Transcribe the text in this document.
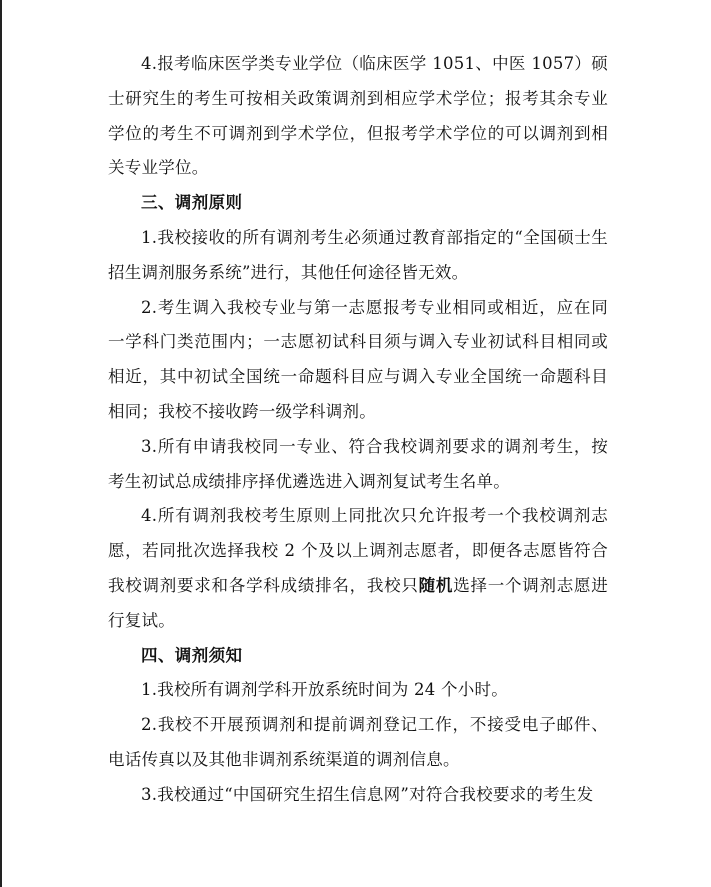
4.报考临床医学类专业学位（临床医学 1051、中医 1057）硕士研究生的考生可按相关政策调剂到相应学术学位；报考其余专业学位的考生不可调剂到学术学位，但报考学术学位的可以调剂到相关专业学位。

三、调剂原则

1.我校接收的所有调剂考生必须通过教育部指定的“全国硕士生招生调剂服务系统”进行，其他任何途径皆无效。

2.考生调入我校专业与第一志愿报考专业相同或相近，应在同一学科门类范围内；一志愿初试科目须与调入专业初试科目相同或相近，其中初试全国统一命题科目应与调入专业全国统一命题科目相同；我校不接收跨一级学科调剂。

3.所有申请我校同一专业、符合我校调剂要求的调剂考生，按考生初试总成绩排序择优遴选进入调剂复试考生名单。

4.所有调剂我校考生原则上同批次只允许报考一个我校调剂志愿，若同批次选择我校 2 个及以上调剂志愿者，即便各志愿皆符合我校调剂要求和各学科成绩排名，我校只随机选择一个调剂志愿进行复试。

四、调剂须知

1.我校所有调剂学科开放系统时间为 24 个小时。

2.我校不开展预调剂和提前调剂登记工作，不接受电子邮件、电话传真以及其他非调剂系统渠道的调剂信息。

3.我校通过“中国研究生招生信息网”对符合我校要求的考生发
